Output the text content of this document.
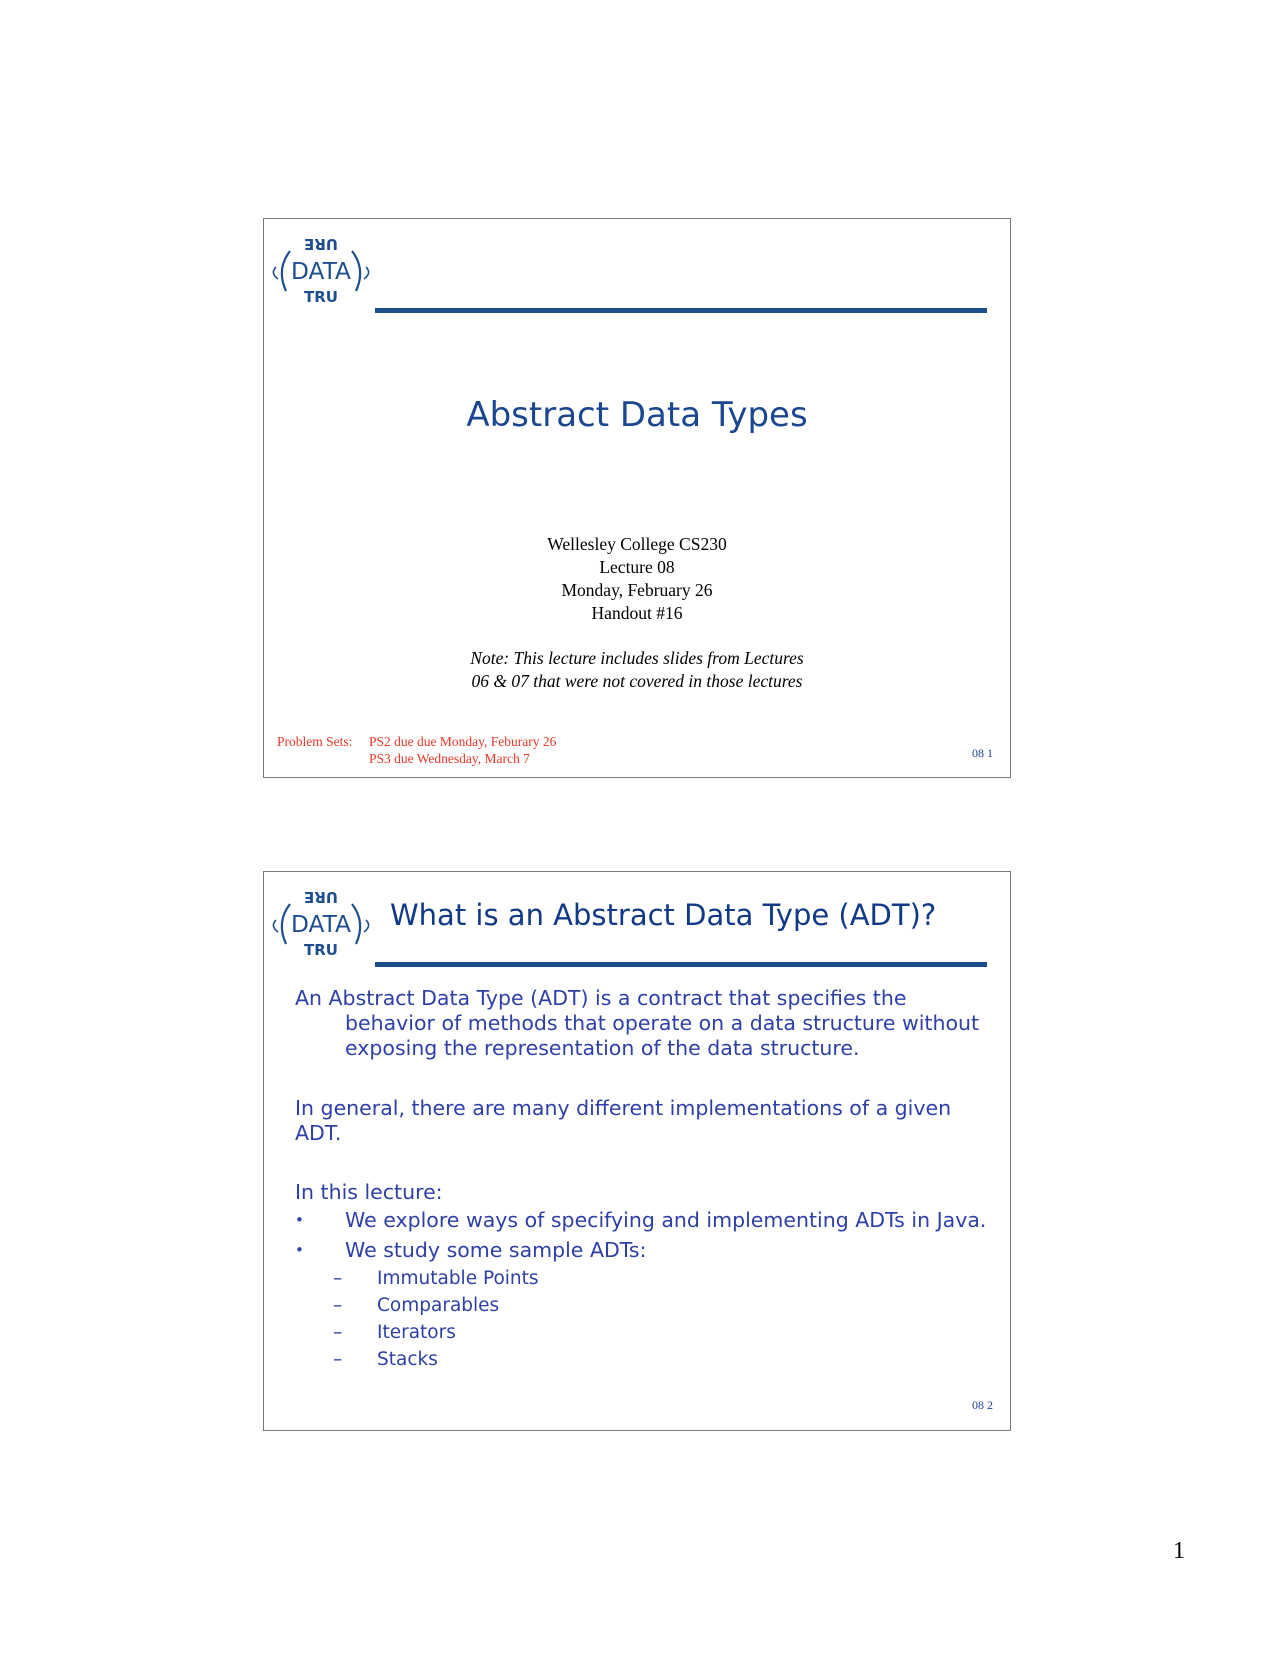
URE
DATA
TRU
Abstract Data Types
Wellesley College CS230
Lecture 08
Monday, February 26
Handout #16
Note: This lecture includes slides from Lectures
06 & 07 that were not covered in those lectures
Problem Sets: PS2 due due Monday, Feburary 26
PS3 due Wednesday, March 7	08 1
URE
DATA
TRU
What is an Abstract Data Type (ADT)?

An Abstract Data Type (ADT) is a contract that specifies the behavior of methods that operate on a data structure without exposing the representation of the data structure.

In general, there are many different implementations of a given ADT.

In this lecture:

• We explore ways of specifying and implementing ADTs in Java.
• We study some sample ADTs:
– Immutable Points
– Comparables
– Iterators
– Stacks
08 2
1
